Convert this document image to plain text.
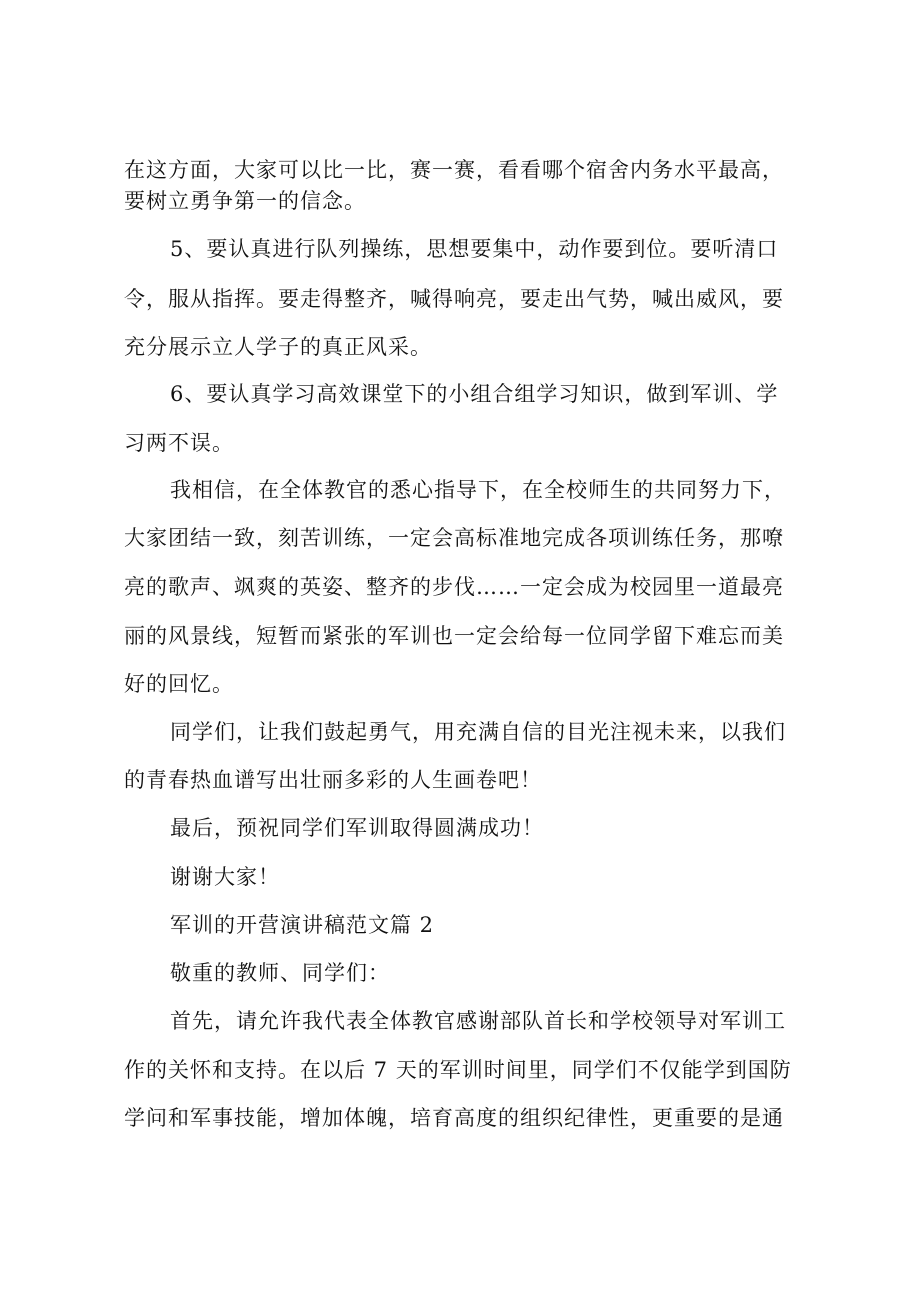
在这方面，大家可以比一比，赛一赛，看看哪个宿舍内务水平最高，
要树立勇争第一的信念。
5、要认真进行队列操练，思想要集中，动作要到位。要听清口
令，服从指挥。要走得整齐，喊得响亮，要走出气势，喊出威风，要
充分展示立人学子的真正风采。
6、要认真学习高效课堂下的小组合组学习知识，做到军训、学
习两不误。
我相信，在全体教官的悉心指导下，在全校师生的共同努力下，
大家团结一致，刻苦训练，一定会高标准地完成各项训练任务，那嘹
亮的歌声、飒爽的英姿、整齐的步伐……一定会成为校园里一道最亮
丽的风景线，短暂而紧张的军训也一定会给每一位同学留下难忘而美
好的回忆。
同学们，让我们鼓起勇气，用充满自信的目光注视未来，以我们
的青春热血谱写出壮丽多彩的人生画卷吧！
最后，预祝同学们军训取得圆满成功！
谢谢大家！
军训的开营演讲稿范文篇 2
敬重的教师、同学们：
首先，请允许我代表全体教官感谢部队首长和学校领导对军训工
作的关怀和支持。在以后 7 天的军训时间里，同学们不仅能学到国防
学问和军事技能，增加体魄，培育高度的组织纪律性，更重要的是通
